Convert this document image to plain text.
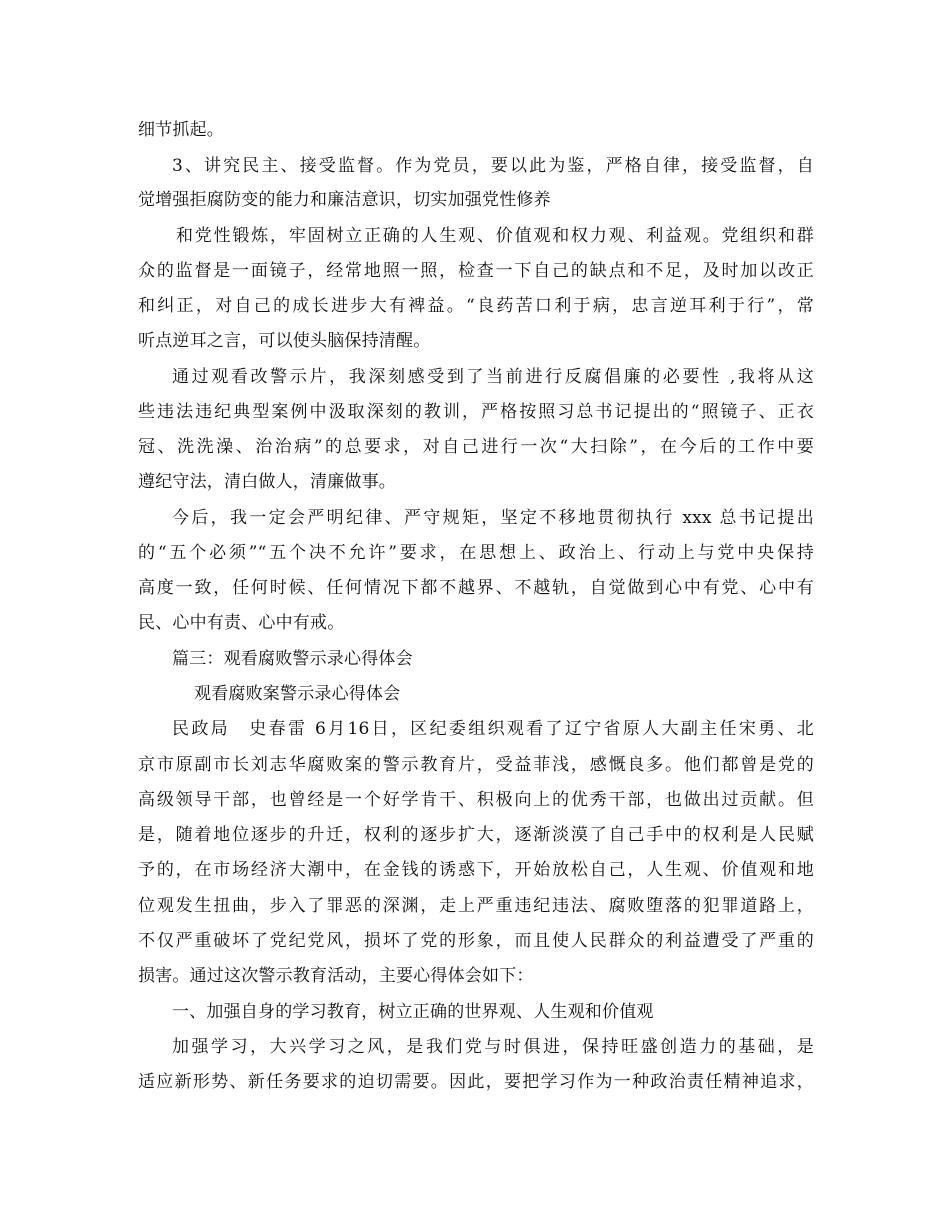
细节抓起。
3、讲究民主、接受监督。作为党员，要以此为鉴，严格自律，接受监督，自
觉增强拒腐防变的能力和廉洁意识，切实加强党性修养
和党性锻炼，牢固树立正确的人生观、价值观和权力观、利益观。党组织和群
众的监督是一面镜子，经常地照一照，检查一下自己的缺点和不足，及时加以改正
和纠正，对自己的成长进步大有裨益。“良药苦口利于病，忠言逆耳利于行”，常
听点逆耳之言，可以使头脑保持清醒。
通过观看改警示片，我深刻感受到了当前进行反腐倡廉的必要性 ,我将从这
些违法违纪典型案例中汲取深刻的教训，严格按照习总书记提出的“照镜子、正衣
冠、洗洗澡、治治病”的总要求，对自己进行一次“大扫除”，在今后的工作中要
遵纪守法，清白做人，清廉做事。
今后，我一定会严明纪律、严守规矩，坚定不移地贯彻执行 xxx 总书记提出
的“五个必须”“五个决不允许”要求，在思想上、政治上、行动上与党中央保持
高度一致，任何时候、任何情况下都不越界、不越轨，自觉做到心中有党、心中有
民、心中有责、心中有戒。
篇三：观看腐败警示录心得体会
观看腐败案警示录心得体会
民政局　史春雷 6月16日，区纪委组织观看了辽宁省原人大副主任宋勇、北
京市原副市长刘志华腐败案的警示教育片，受益菲浅，感慨良多。他们都曾是党的
高级领导干部，也曾经是一个好学肯干、积极向上的优秀干部，也做出过贡献。但
是，随着地位逐步的升迁，权利的逐步扩大，逐渐淡漠了自己手中的权利是人民赋
予的，在市场经济大潮中，在金钱的诱惑下，开始放松自己，人生观、价值观和地
位观发生扭曲，步入了罪恶的深渊，走上严重违纪违法、腐败堕落的犯罪道路上，
不仅严重破坏了党纪党风，损坏了党的形象，而且使人民群众的利益遭受了严重的
损害。通过这次警示教育活动，主要心得体会如下：
一、加强自身的学习教育，树立正确的世界观、人生观和价值观
加强学习，大兴学习之风，是我们党与时俱进，保持旺盛创造力的基础，是
适应新形势、新任务要求的迫切需要。因此，要把学习作为一种政治责任精神追求，
